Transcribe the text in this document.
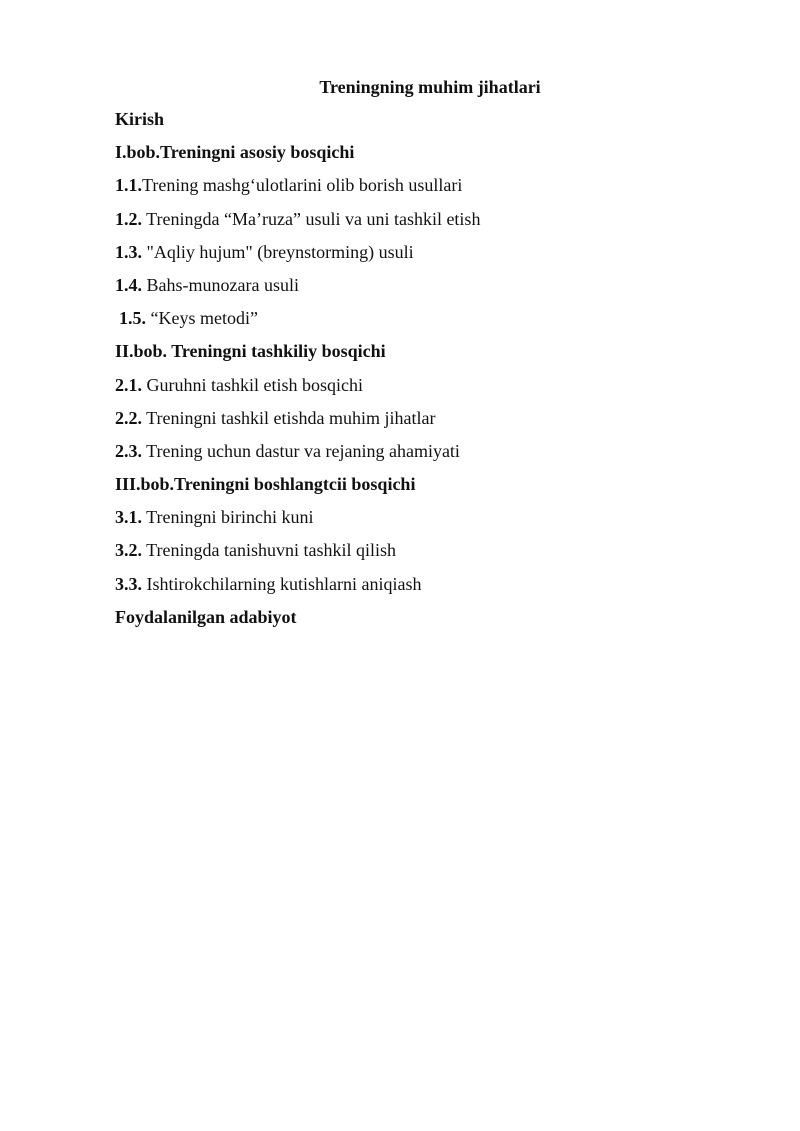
Treningning muhim jihatlari
Kirish
I.bob.Treningni asosiy bosqichi
1.1.Trening mashg‘ulotlarini olib borish usullari
1.2. Treningda “Ma’ruza” usuli va uni tashkil etish
1.3. "Aqliy hujum" (breynstorming) usuli
1.4. Bahs-munozara usuli
1.5. “Keys metodi”
II.bob. Treningni tashkiliy bosqichi
2.1. Guruhni tashkil etish bosqichi
2.2. Treningni tashkil etishda muhim jihatlar
2.3. Trening uchun dastur va rejaning ahamiyati
III.bob.Treningni boshlangtcii bosqichi
3.1. Treningni birinchi kuni
3.2. Treningda tanishuvni tashkil qilish
3.3. Ishtirokchilarning kutishlarni aniqiash
Foydalanilgan adabiyot
